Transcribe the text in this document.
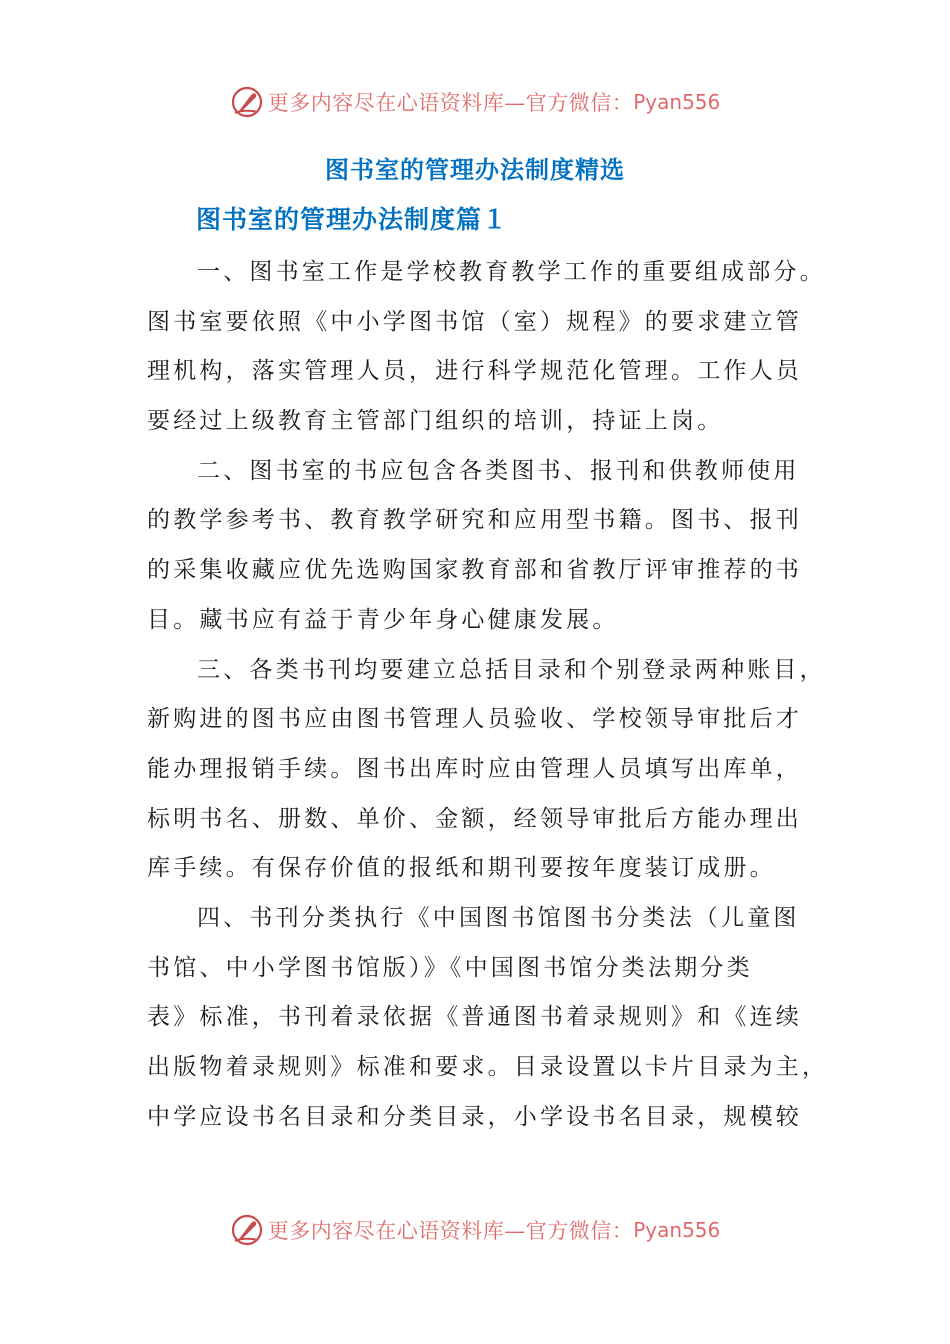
更多内容尽在心语资料库—官方微信： Pyan556
图书室的管理办法制度精选
图书室的管理办法制度篇１
一、图书室工作是学校教育教学工作的重要组成部分。
图书室要依照《中小学图书馆（室）规程》的要求建立管
理机构，落实管理人员，进行科学规范化管理。工作人员
要经过上级教育主管部门组织的培训，持证上岗。
二、图书室的书应包含各类图书、报刊和供教师使用
的教学参考书、教育教学研究和应用型书籍。图书、报刊
的采集收藏应优先选购国家教育部和省教厅评审推荐的书
目。藏书应有益于青少年身心健康发展。
三、各类书刊均要建立总括目录和个别登录两种账目，
新购进的图书应由图书管理人员验收、学校领导审批后才
能办理报销手续。图书出库时应由管理人员填写出库单，
标明书名、册数、单价、金额，经领导审批后方能办理出
库手续。有保存价值的报纸和期刊要按年度装订成册。
四、书刊分类执行《中国图书馆图书分类法（儿童图
书馆、中小学图书馆版）》《中国图书馆分类法期分类
表》标准，书刊着录依据《普通图书着录规则》和《连续
出版物着录规则》标准和要求。目录设置以卡片目录为主，
中学应设书名目录和分类目录，小学设书名目录，规模较
更多内容尽在心语资料库—官方微信： Pyan556
